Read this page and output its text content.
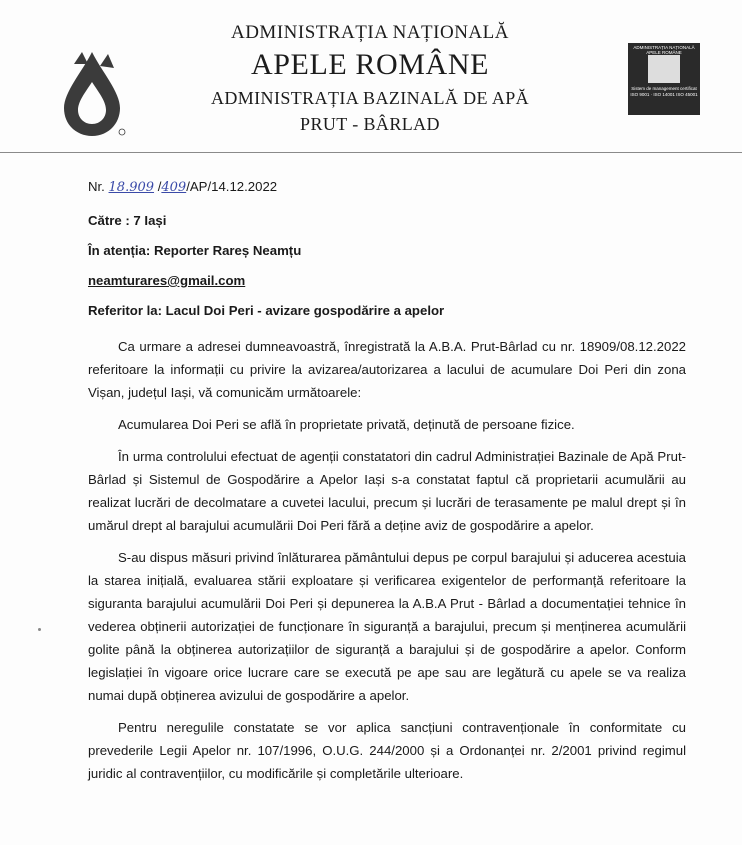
ADMINISTRAȚIA NAȚIONALĂ
APELE ROMÂNE
ADMINISTRAȚIA BAZINALĂ DE APĂ
PRUT - BÂRLAD
ADMINISTRAȚIA NAȚIONALĂ APELE ROMÂNE
Sistem de management certificat ISO 9001 · ISO 14001 ISO 45001
Nr. 18.909 /409/AP/14.12.2022
Către : 7 Iași
În atenția: Reporter Rareș Neamțu
neamturares@gmail.com
Referitor la: Lacul Doi Peri - avizare gospodărire a apelor
Ca urmare a adresei dumneavoastră, înregistrată la A.B.A. Prut-Bârlad cu nr. 18909/08.12.2022 referitoare la informații cu privire la avizarea/autorizarea a lacului de acumulare Doi Peri din zona Vișan, județul Iași, vă comunicăm următoarele:
Acumularea Doi Peri se află în proprietate privată, deținută de persoane fizice.
În urma controlului efectuat de agenții constatatori din cadrul Administrației Bazinale de Apă Prut-Bârlad și Sistemul de Gospodărire a Apelor Iași s-a constatat faptul că proprietarii acumulării au realizat lucrări de decolmatare a cuvetei lacului, precum și lucrări de terasamente pe malul drept și în umărul drept al barajului acumulării Doi Peri fără a deține aviz de gospodărire a apelor.
S-au dispus măsuri privind înlăturarea pământului depus pe corpul barajului și aducerea acestuia la starea inițială, evaluarea stării exploatare și verificarea exigentelor de performanță referitoare la siguranta barajului acumulării Doi Peri și depunerea la A.B.A Prut - Bârlad a documentației tehnice în vederea obținerii autorizației de funcționare în siguranță a barajului, precum și menținerea acumulării golite până la obținerea autorizațiilor de siguranță a barajului și de gospodărire a apelor. Conform legislației în vigoare orice lucrare care se execută pe ape sau are legătură cu apele se va realiza numai după obținerea avizului de gospodărire a apelor.
Pentru neregulile constatate se vor aplica sancțiuni contravenționale în conformitate cu prevederile Legii Apelor nr. 107/1996, O.U.G. 244/2000 și a Ordonanței nr. 2/2001 privind regimul juridic al contravențiilor, cu modificările și completările ulterioare.
